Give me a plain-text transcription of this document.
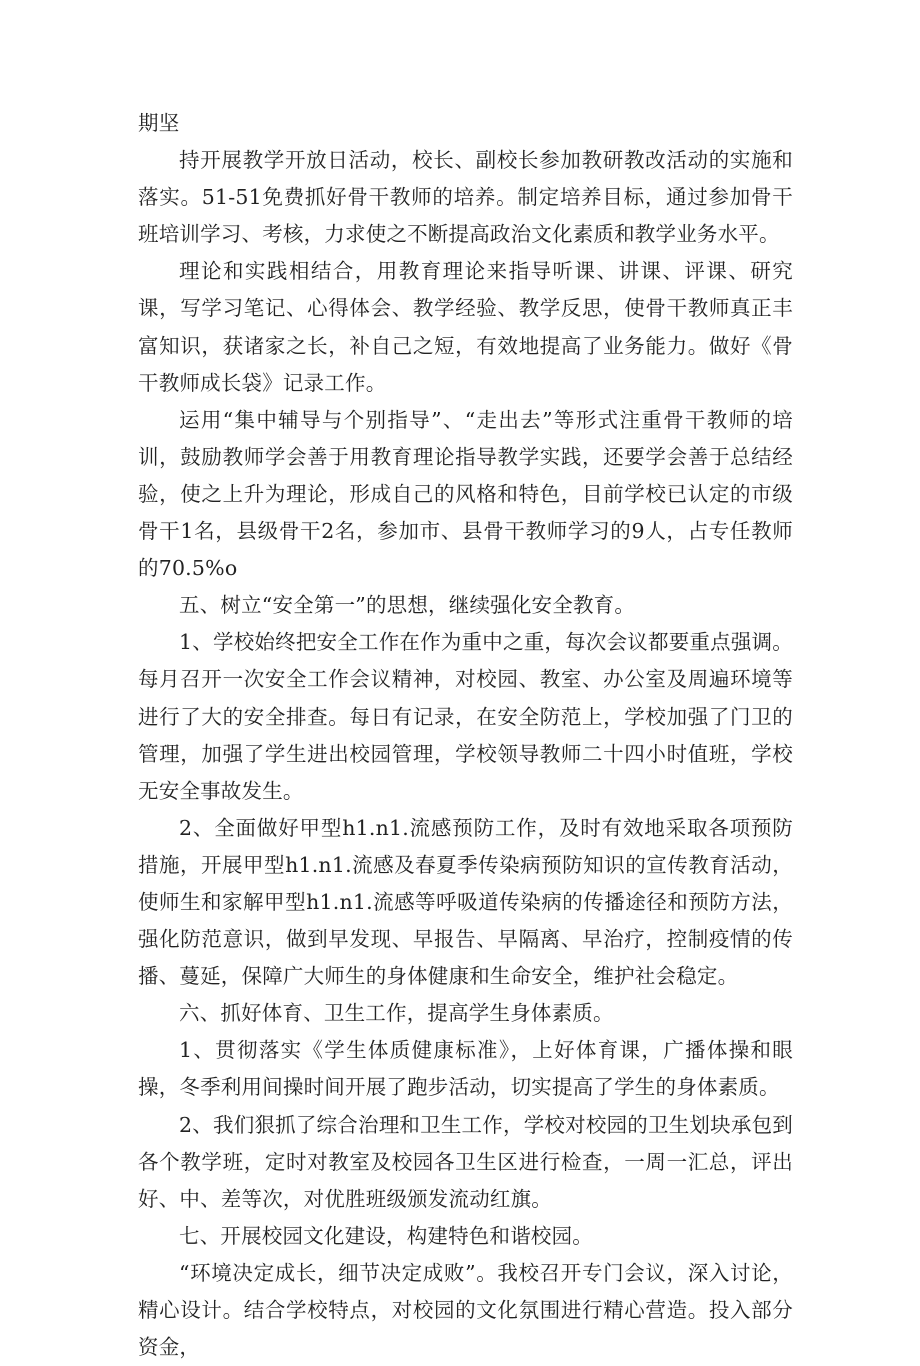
期坚

持开展教学开放日活动，校长、副校长参加教研教改活动的实施和落实。51-51免费抓好骨干教师的培养。制定培养目标，通过参加骨干班培训学习、考核，力求使之不断提高政治文化素质和教学业务水平。

理论和实践相结合，用教育理论来指导听课、讲课、评课、研究课，写学习笔记、心得体会、教学经验、教学反思，使骨干教师真正丰富知识，获诸家之长，补自己之短，有效地提高了业务能力。做好《骨干教师成长袋》记录工作。

运用“集中辅导与个别指导”、“走出去”等形式注重骨干教师的培训，鼓励教师学会善于用教育理论指导教学实践，还要学会善于总结经验，使之上升为理论，形成自己的风格和特色，目前学校已认定的市级骨干1名，县级骨干2名，参加市、县骨干教师学习的9人，占专任教师的70.5%o

五、树立“安全第一”的思想，继续强化安全教育。

1、学校始终把安全工作在作为重中之重，每次会议都要重点强调。每月召开一次安全工作会议精神，对校园、教室、办公室及周遍环境等进行了大的安全排查。每日有记录，在安全防范上，学校加强了门卫的管理，加强了学生进出校园管理，学校领导教师二十四小时值班，学校无安全事故发生。

2、全面做好甲型h1.n1.流感预防工作，及时有效地采取各项预防措施，开展甲型h1.n1.流感及春夏季传染病预防知识的宣传教育活动，使师生和家解甲型h1.n1.流感等呼吸道传染病的传播途径和预防方法，强化防范意识，做到早发现、早报告、早隔离、早治疗，控制疫情的传播、蔓延，保障广大师生的身体健康和生命安全，维护社会稳定。

六、抓好体育、卫生工作，提高学生身体素质。

1、贯彻落实《学生体质健康标准》，上好体育课，广播体操和眼操，冬季利用间操时间开展了跑步活动，切实提高了学生的身体素质。

2、我们狠抓了综合治理和卫生工作，学校对校园的卫生划块承包到各个教学班，定时对教室及校园各卫生区进行检查，一周一汇总，评出好、中、差等次，对优胜班级颁发流动红旗。

七、开展校园文化建设，构建特色和谐校园。

“环境决定成长，细节决定成败”。我校召开专门会议，深入讨论，精心设计。结合学校特点，对校园的文化氛围进行精心营造。投入部分资金，
